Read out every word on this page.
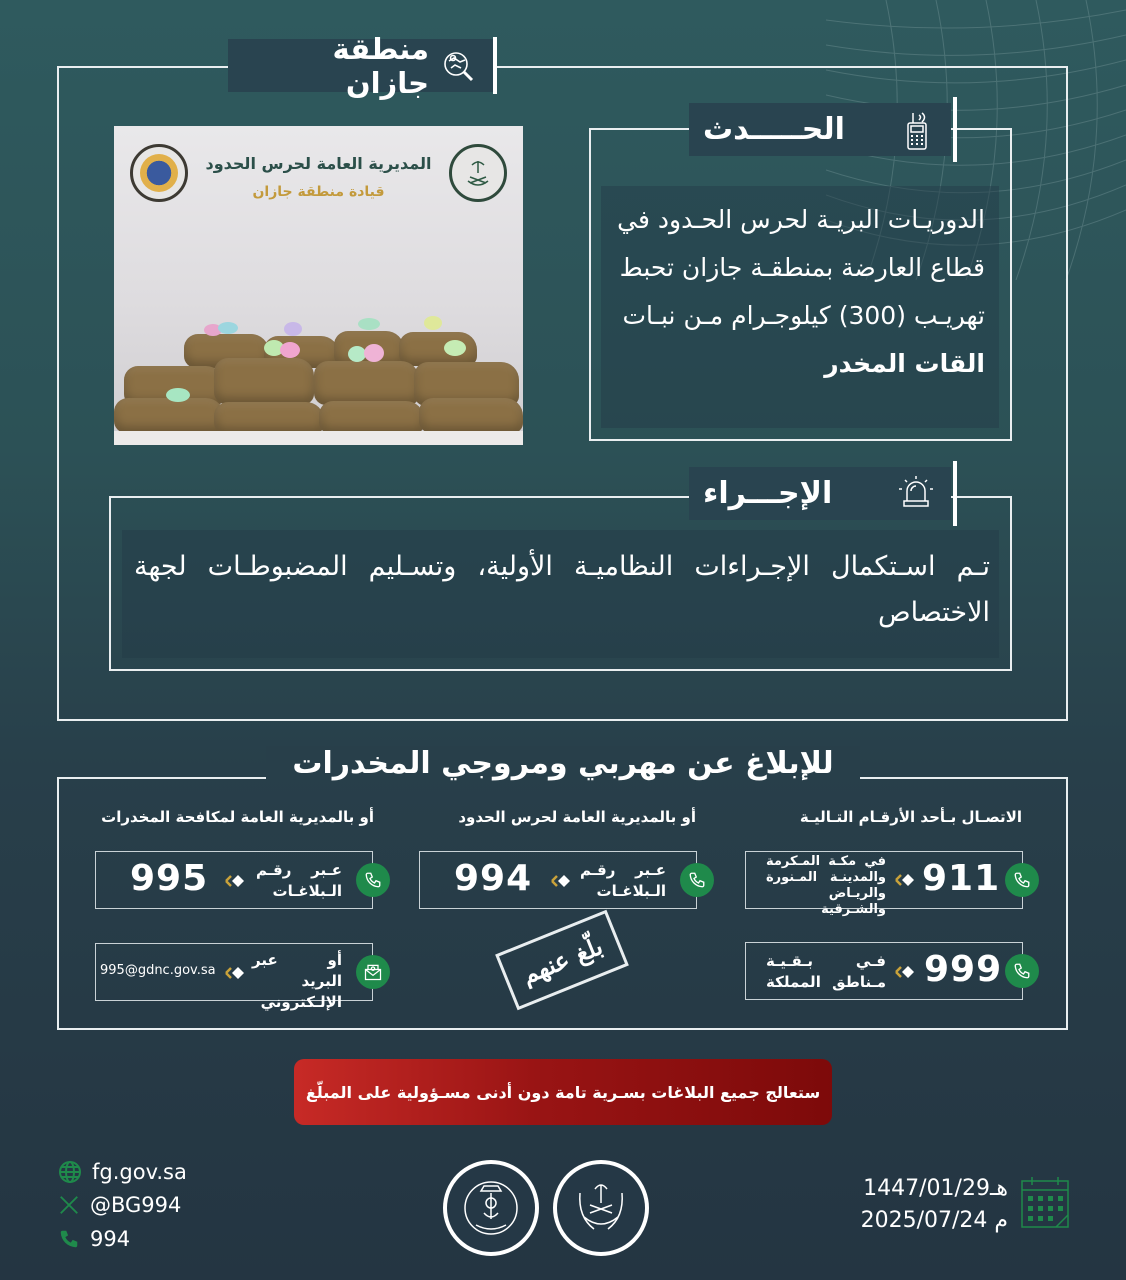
منطقة جازان
المديرية العامة لحرس الحدود
قيادة منطقة جازان
الحـــــدث
الدوريـات البريـة لحرس الحـدود في
قطاع العارضة بمنطقـة جازان تحبط
تهريـب (300) كيلوجـرام مـن نبـات
القات المخدر
الإجـــراء
تـم اسـتكمال الإجـراءات النظاميـة الأولية، وتسـليم المضبوطـات لجهة الاختصاص
للإبلاغ عن مهربي ومروجي المخدرات
الاتصـال بـأحد الأرقـام التـاليـة
أو بالمديرية العامة لحرس الحدود
أو بالمديرية العامة لمكافحة المخدرات
في مكـة المـكرمة
والمدينـة المـنورة
والريـاض والشـرقية
911
فـي بـقـيـة
مـناطق المملكة 999
عـبر رقـم
الـبلاغـات
994
بلّغ عنهم
عـبر رقـم
الـبلاغـات
995
أو عبر البريد
الإلـكتروني
995@gdnc.gov.sa
ستعالج جميع البلاغات بسـرية تامة دون أدنى مسـؤولية على المبلّغ
fg.gov.sa
@BG994
994
1447/01/29هـ
2025/07/24 م
